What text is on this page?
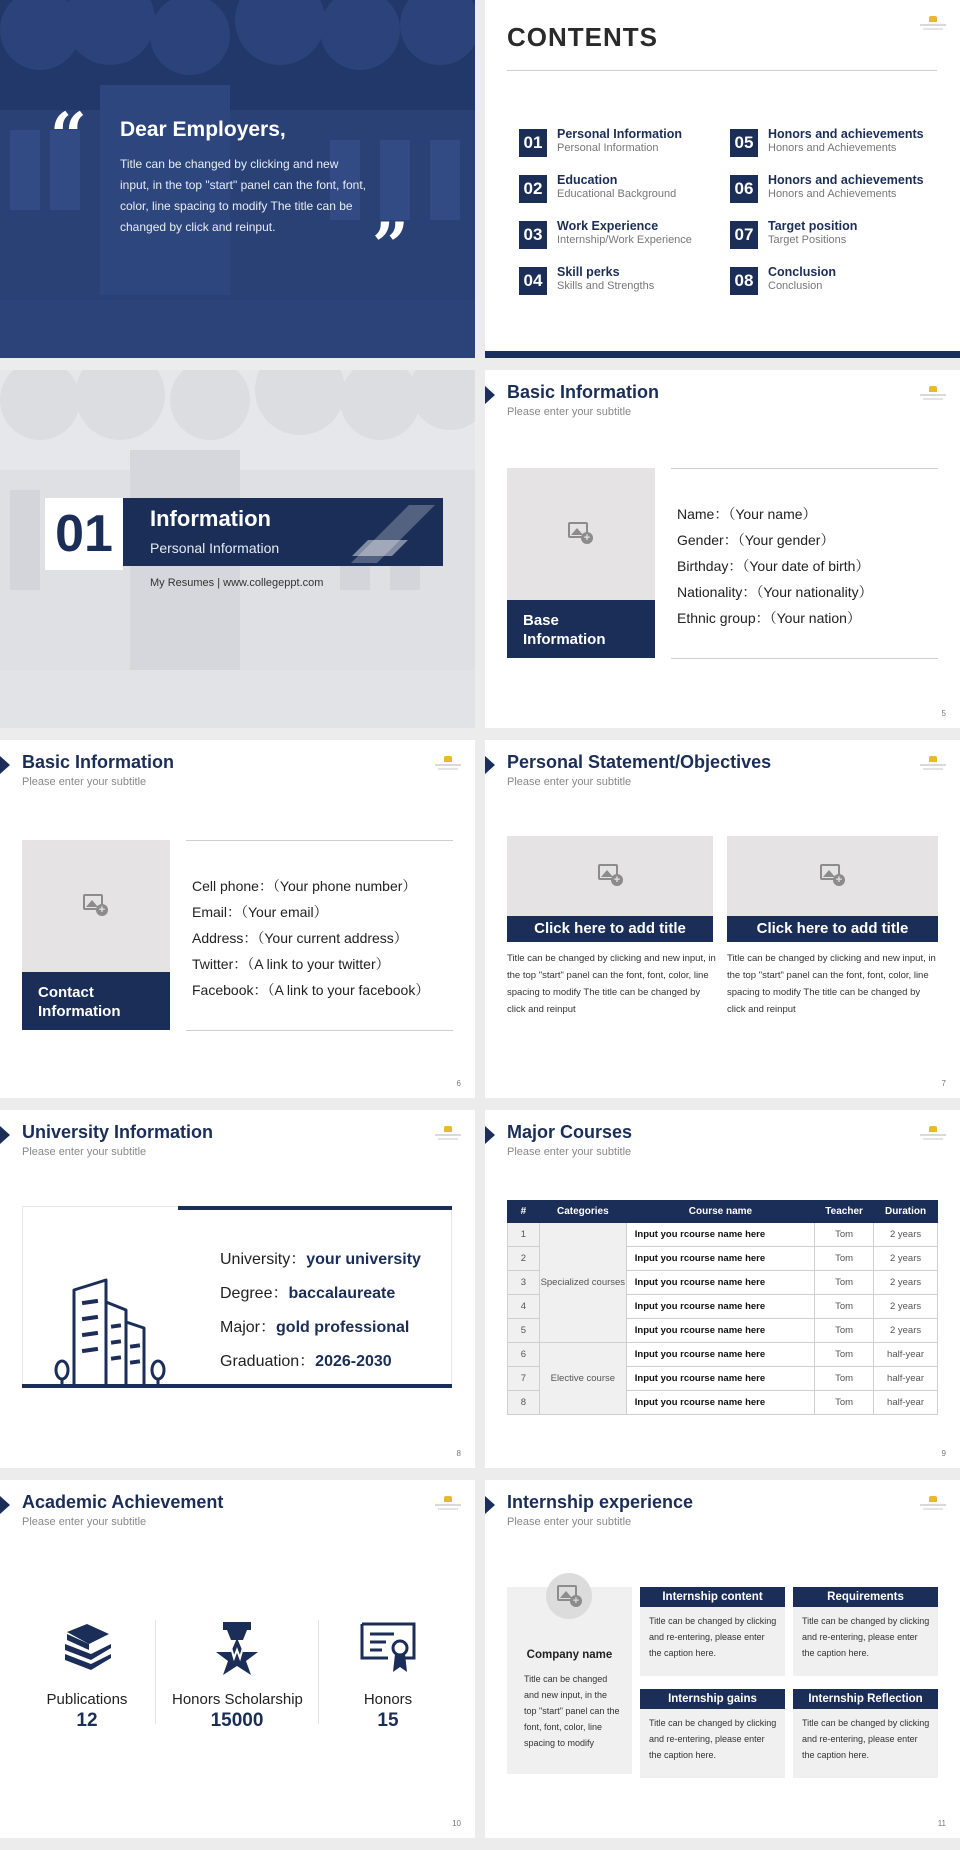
“ Dear Employers,
Title can be changed by clicking and new input, in the top "start" panel can the font, font, color, line spacing to modify The title can be changed by click and reinput.	”
CONTENTS
01	Personal Information
Personal Information
02	Education
Educational Background
03	Work Experience
Internship/Work Experience
04	Skill perks
Skills and Strengths
05	Honors and achievements
Honors and Achievements
06	Honors and achievements
Honors and Achievements
07	Target position
Target Positions
08	Conclusion
Conclusion
01	Information
Personal Information
My Resumes | www.collegeppt.com
Basic Information
Please enter your subtitle
+
Base Information
Name：（Your name）
Gender：（Your gender）
Birthday：（Your date of birth）
Nationality：（Your nationality）
Ethnic group：（Your nation）
5
Basic Information
Please enter your subtitle
+
Contact Information
Cell phone：（Your phone number）
Email：（Your email）
Address：（Your current address）
Twitter：（A link to your twitter）
Facebook：（A link to your facebook）
6
Personal Statement/Objectives
Please enter your subtitle
+
Click here to add title
Title can be changed by clicking and new input, in the top "start" panel can the font, font, color, line spacing to modify The title can be changed by click and reinput
+
Click here to add title
Title can be changed by clicking and new input, in the top "start" panel can the font, font, color, line spacing to modify The title can be changed by click and reinput
7
University Information
Please enter your subtitle
University：your university
Degree：baccalaureate
Major：gold professional
Graduation：2026-2030
8
Major Courses
Please enter your subtitle
#	Categories	Course name	Teacher	Duration
1	Specialized courses	Input you rcourse name here	Tom	2 years
2		Input you rcourse name here	Tom	2 years
3		Input you rcourse name here	Tom	2 years
4		Input you rcourse name here	Tom	2 years
5		Input you rcourse name here	Tom	2 years
6	Elective course	Input you rcourse name here	Tom	half-year
7		Input you rcourse name here	Tom	half-year
8		Input you rcourse name here	Tom	half-year
9
Academic Achievement
Please enter your subtitle
Publications
12
Honors Scholarship
15000
Honors
15
10
Internship experience
Please enter your subtitle
+
Company name
Title can be changed and new input, in the top "start" panel can the font, font, color, line spacing to modify
Internship content
Title can be changed by clicking and re-entering, please enter the caption here.
Requirements
Title can be changed by clicking and re-entering, please enter the caption here.
Internship gains
Title can be changed by clicking and re-entering, please enter the caption here.
Internship Reflection
Title can be changed by clicking and re-entering, please enter the caption here.
11
